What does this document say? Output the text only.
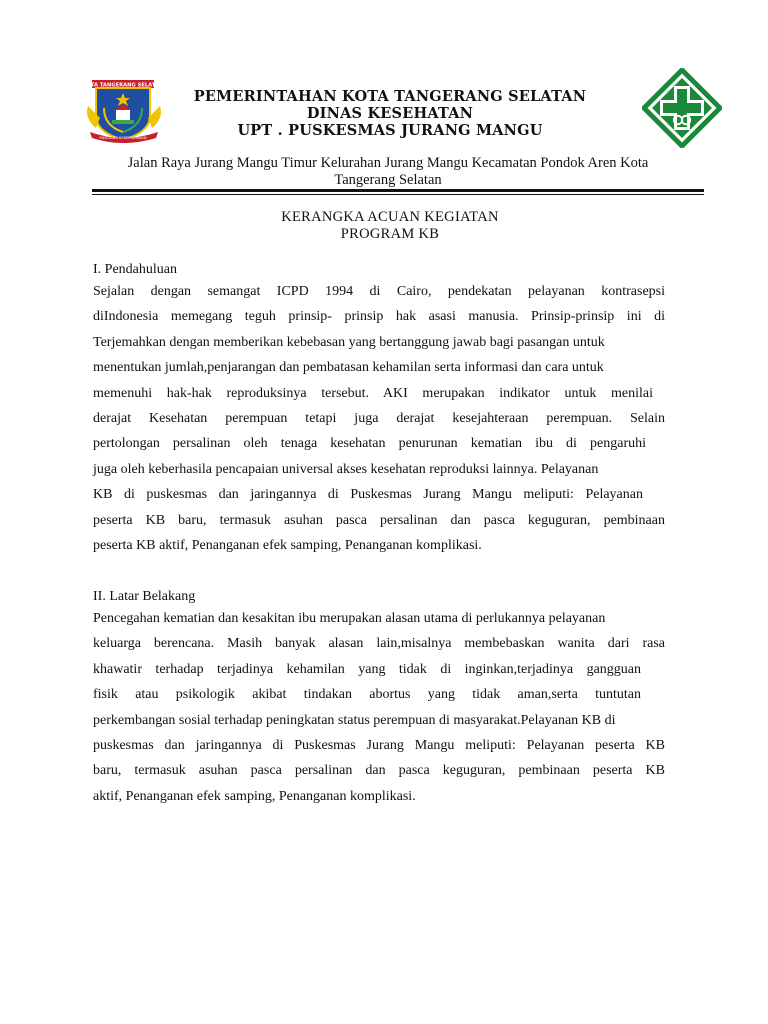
KOTA TANGERANG SELATAN
ENGGANG KEBERSAMAAN
PEMERINTAHAN KOTA TANGERANG SELATAN
DINAS KESEHATAN
UPT . PUSKESMAS JURANG MANGU
Jalan Raya Jurang Mangu Timur Kelurahan Jurang Mangu Kecamatan Pondok Aren Kota
Tangerang Selatan
KERANGKA ACUAN KEGIATAN
PROGRAM KB
I. Pendahuluan
Sejalan dengan semangat ICPD 1994 di Cairo, pendekatan pelayanan kontrasepsi
diIndonesia memegang teguh prinsip- prinsip hak asasi manusia. Prinsip-prinsip ini di
Terjemahkan dengan memberikan kebebasan yang bertanggung jawab bagi pasangan untuk
menentukan jumlah,penjarangan dan pembatasan kehamilan serta informasi dan cara untuk
memenuhi hak-hak reproduksinya tersebut. AKI merupakan indikator untuk menilai
derajat Kesehatan perempuan tetapi juga derajat kesejahteraan perempuan. Selain
pertolongan persalinan oleh tenaga kesehatan penurunan kematian ibu di pengaruhi
juga oleh keberhasila pencapaian universal akses kesehatan reproduksi lainnya. Pelayanan
KB di puskesmas dan jaringannya di Puskesmas Jurang Mangu meliputi: Pelayanan
peserta KB baru, termasuk asuhan pasca persalinan dan pasca keguguran, pembinaan
peserta KB aktif, Penanganan efek samping, Penanganan komplikasi.
II. Latar Belakang
Pencegahan kematian dan kesakitan ibu merupakan alasan utama di perlukannya pelayanan
keluarga berencana. Masih banyak alasan lain,misalnya membebaskan wanita dari rasa
khawatir terhadap terjadinya kehamilan yang tidak di inginkan,terjadinya gangguan
fisik atau psikologik akibat tindakan abortus yang tidak aman,serta tuntutan
perkembangan sosial terhadap peningkatan status perempuan di masyarakat.Pelayanan KB di
puskesmas dan jaringannya di Puskesmas Jurang Mangu meliputi: Pelayanan peserta KB
baru, termasuk asuhan pasca persalinan dan pasca keguguran, pembinaan peserta KB
aktif, Penanganan efek samping, Penanganan komplikasi.
